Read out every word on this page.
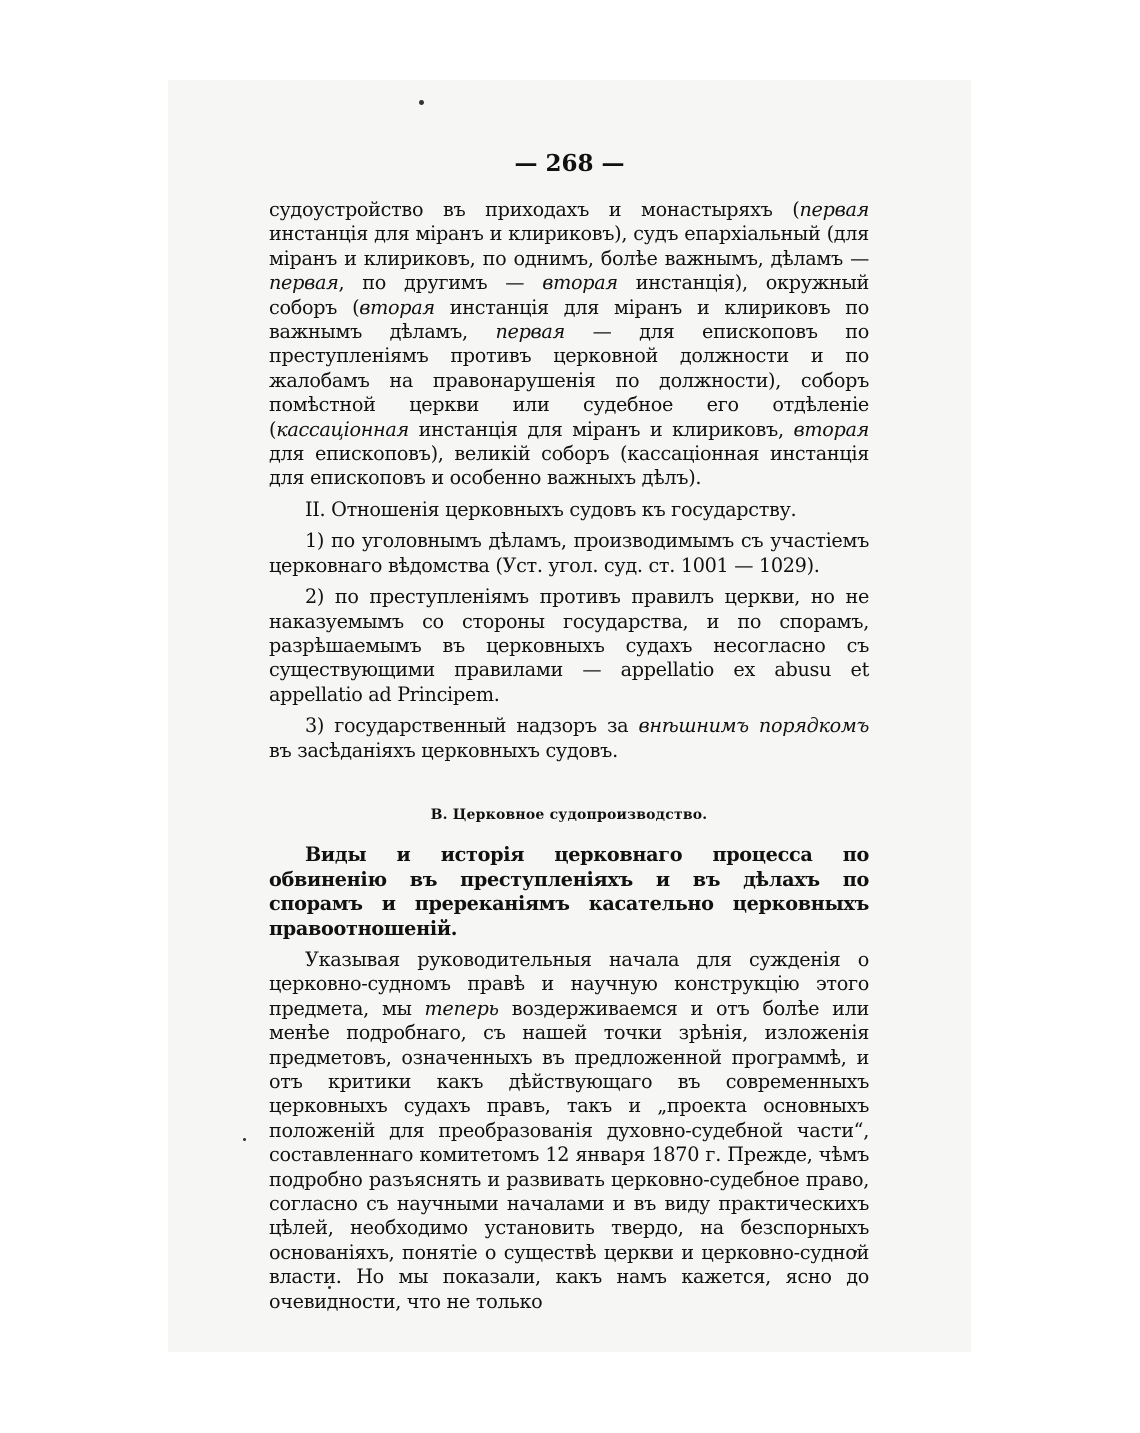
— 268 —

судоустройство въ приходахъ и монастыряхъ (первая инстанція для міранъ и клириковъ), судъ епархіальный (для міранъ и клириковъ, по однимъ, болѣе важнымъ, дѣламъ — первая, по другимъ — вторая инстанція), окружный соборъ (вторая инстанція для міранъ и клириковъ по важнымъ дѣламъ, первая — для епископовъ по преступленіямъ противъ церковной должности и по жалобамъ на правонарушенія по должности), соборъ помѣстной церкви или судебное его отдѣленіе (кассаціонная инстанція для міранъ и клириковъ, вторая для епископовъ), великій соборъ (кассаціонная инстанція для епископовъ и особенно важныхъ дѣлъ).

II. Отношенія церковныхъ судовъ къ государству.

1) по уголовнымъ дѣламъ, производимымъ съ участіемъ церковнаго вѣдомства (Уст. угол. суд. ст. 1001 — 1029).

2) по преступленіямъ противъ правилъ церкви, но не наказуемымъ со стороны государства, и по спорамъ, разрѣшаемымъ въ церковныхъ судахъ несогласно съ существующими правилами — appellatio ex abusu et appellatio ad Principem.

3) государственный надзоръ за внѣшнимъ порядкомъ въ засѣданіяхъ церковныхъ судовъ.

В. Церковное судопроизводство.

Виды и исторія церковнаго процесса по обвиненію въ преступленіяхъ и въ дѣлахъ по спорамъ и пререканіямъ касательно церковныхъ правоотношеній.

Указывая руководительныя начала для сужденія о церковно-судномъ правѣ и научную конструкцію этого предмета, мы теперь воздерживаемся и отъ болѣе или менѣе подробнаго, съ нашей точки зрѣнія, изложенія предметовъ, означенныхъ въ предложенной программѣ, и отъ критики какъ дѣйствующаго въ современныхъ церковныхъ судахъ правъ, такъ и „проекта основныхъ положеній для преобразованія духовно-судебной части“, составленнаго комитетомъ 12 января 1870 г. Прежде, чѣмъ подробно разъяснять и развивать церковно-судебное право, согласно съ научными началами и въ виду практическихъ цѣлей, необходимо установить твердо, на безспорныхъ основаніяхъ, понятіе о существѣ церкви и церковно-судной власти. Но мы показали, какъ намъ кажется, ясно до очевидности, что не только
